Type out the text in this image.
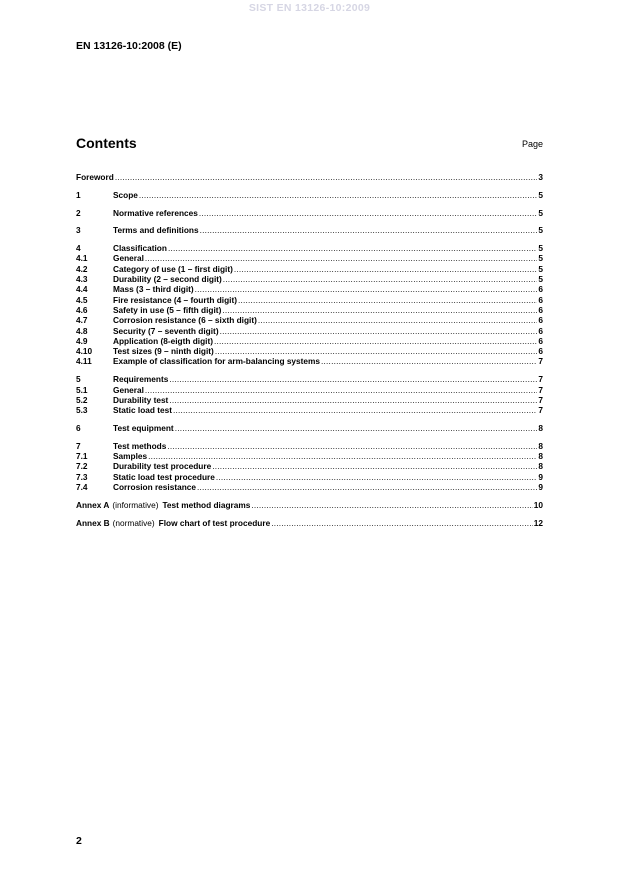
SIST EN 13126-10:2009
EN 13126-10:2008 (E)
Contents	Page
Foreword .....	3
1	Scope .....	5
2	Normative references .....	5
3	Terms and definitions .....	5
4	Classification .....	5
4.1	General .....	5
4.2	Category of use (1 – first digit) .....	5
4.3	Durability (2 – second digit) .....	5
4.4	Mass (3 – third digit) .....	6
4.5	Fire resistance (4 – fourth digit) .....	6
4.6	Safety in use (5 – fifth digit) .....	6
4.7	Corrosion resistance (6 – sixth digit) .....	6
4.8	Security (7 – seventh digit) .....	6
4.9	Application (8-eigth digit) .....	6
4.10	Test sizes (9 – ninth digit) .....	6
4.11	Example of classification for arm-balancing systems .....	7
5	Requirements .....	7
5.1	General .....	7
5.2	Durability test .....	7
5.3	Static load test .....	7
6	Test equipment .....	8
7	Test methods .....	8
7.1	Samples .....	8
7.2	Durability test procedure .....	8
7.3	Static load test procedure .....	9
7.4	Corrosion resistance .....	9
Annex A (informative) Test method diagrams .....	10
Annex B (normative) Flow chart of test procedure .....	12
2
